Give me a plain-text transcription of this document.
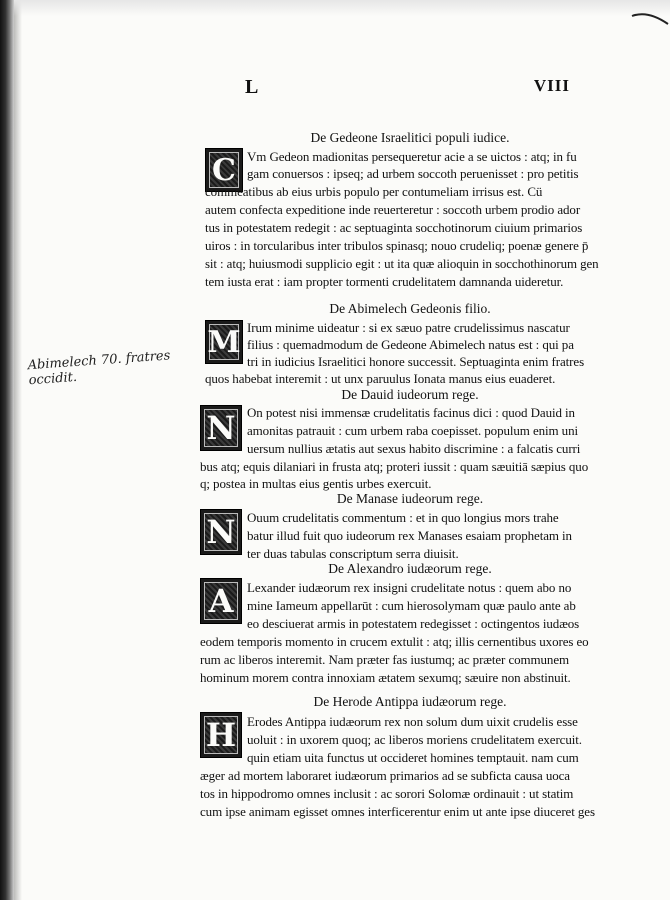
L	VIII
De Gedeone Israelitici populi iudice.
C Vm Gedeon madionitas persequeretur acie a se uictos : atq; in fu
gam conuersos : ipseq; ad urbem soccoth peruenisset : pro petitis
commeatibus ab eius urbis populo per contumeliam irrisus est. Cü
autem confecta expeditione inde reuerteretur : soccoth urbem prodio ador
tus in potestatem redegit : ac septuaginta socchotinorum ciuium primarios
uiros : in torcularibus inter tribulos spinasq; nouo crudeliq; poenæ genere p̄
sit : atq; huiusmodi supplicio egit : ut ita quæ alioquin in socchothinorum gen
tem iusta erat : iam propter tormenti crudelitatem damnanda uideretur.
De Abimelech Gedeonis filio.
M Irum minime uideatur : si ex sæuo patre crudelissimus nascatur
filius : quemadmodum de Gedeone Abimelech natus est : qui pa
tri in iudicius Israelitici honore successit. Septuaginta enim fratres
quos habebat interemit : ut unx paruulus Ionata manus eius euaderet.
De Dauid iudeorum rege.
N On potest nisi immensæ crudelitatis facinus dici : quod Dauid in
amonitas patrauit : cum urbem raba coepisset. populum enim uni
uersum nullius ætatis aut sexus habito discrimine : a falcatis curri
bus atq; equis dilaniari in frusta atq; proteri iussit : quam sæuitiā sæpius quo
q; postea in multas eius gentis urbes exercuit.
De Manase iudeorum rege.
N Ouum crudelitatis commentum : et in quo longius mors trahe
batur illud fuit quo iudeorum rex Manases esaiam prophetam in
ter duas tabulas conscriptum serra diuisit.
De Alexandro iudæorum rege.
A	Lexander iudæorum rex insigni crudelitate notus : quem abo no
mine Iameum appellarūt : cum hierosolymam quæ paulo ante ab
eo desciuerat armis in potestatem redegisset : octingentos iudæos
eodem temporis momento in crucem extulit : atq; illis cernentibus uxores eo
rum ac liberos interemit. Nam præter fas iustumq; ac præter communem
hominum morem contra innoxiam ætatem sexumq; sæuire non abstinuit.
De Herode Antippa iudæorum rege.
H Erodes Antippa iudæorum rex non solum dum uixit crudelis esse
uoluit : in uxorem quoq; ac liberos moriens crudelitatem exercuit.
quin etiam uita functus ut occideret homines temptauit. nam cum
æger ad mortem laboraret iudæorum primarios ad se subfictа causa uoca
tos in hippodromo omnes inclusit : ac sorori Solomæ ordinauit : ut statim
cum ipse animam egisset omnes interficerentur enim ut ante ipse diuceret ges
Abimelech 70. fratres
occidit.
